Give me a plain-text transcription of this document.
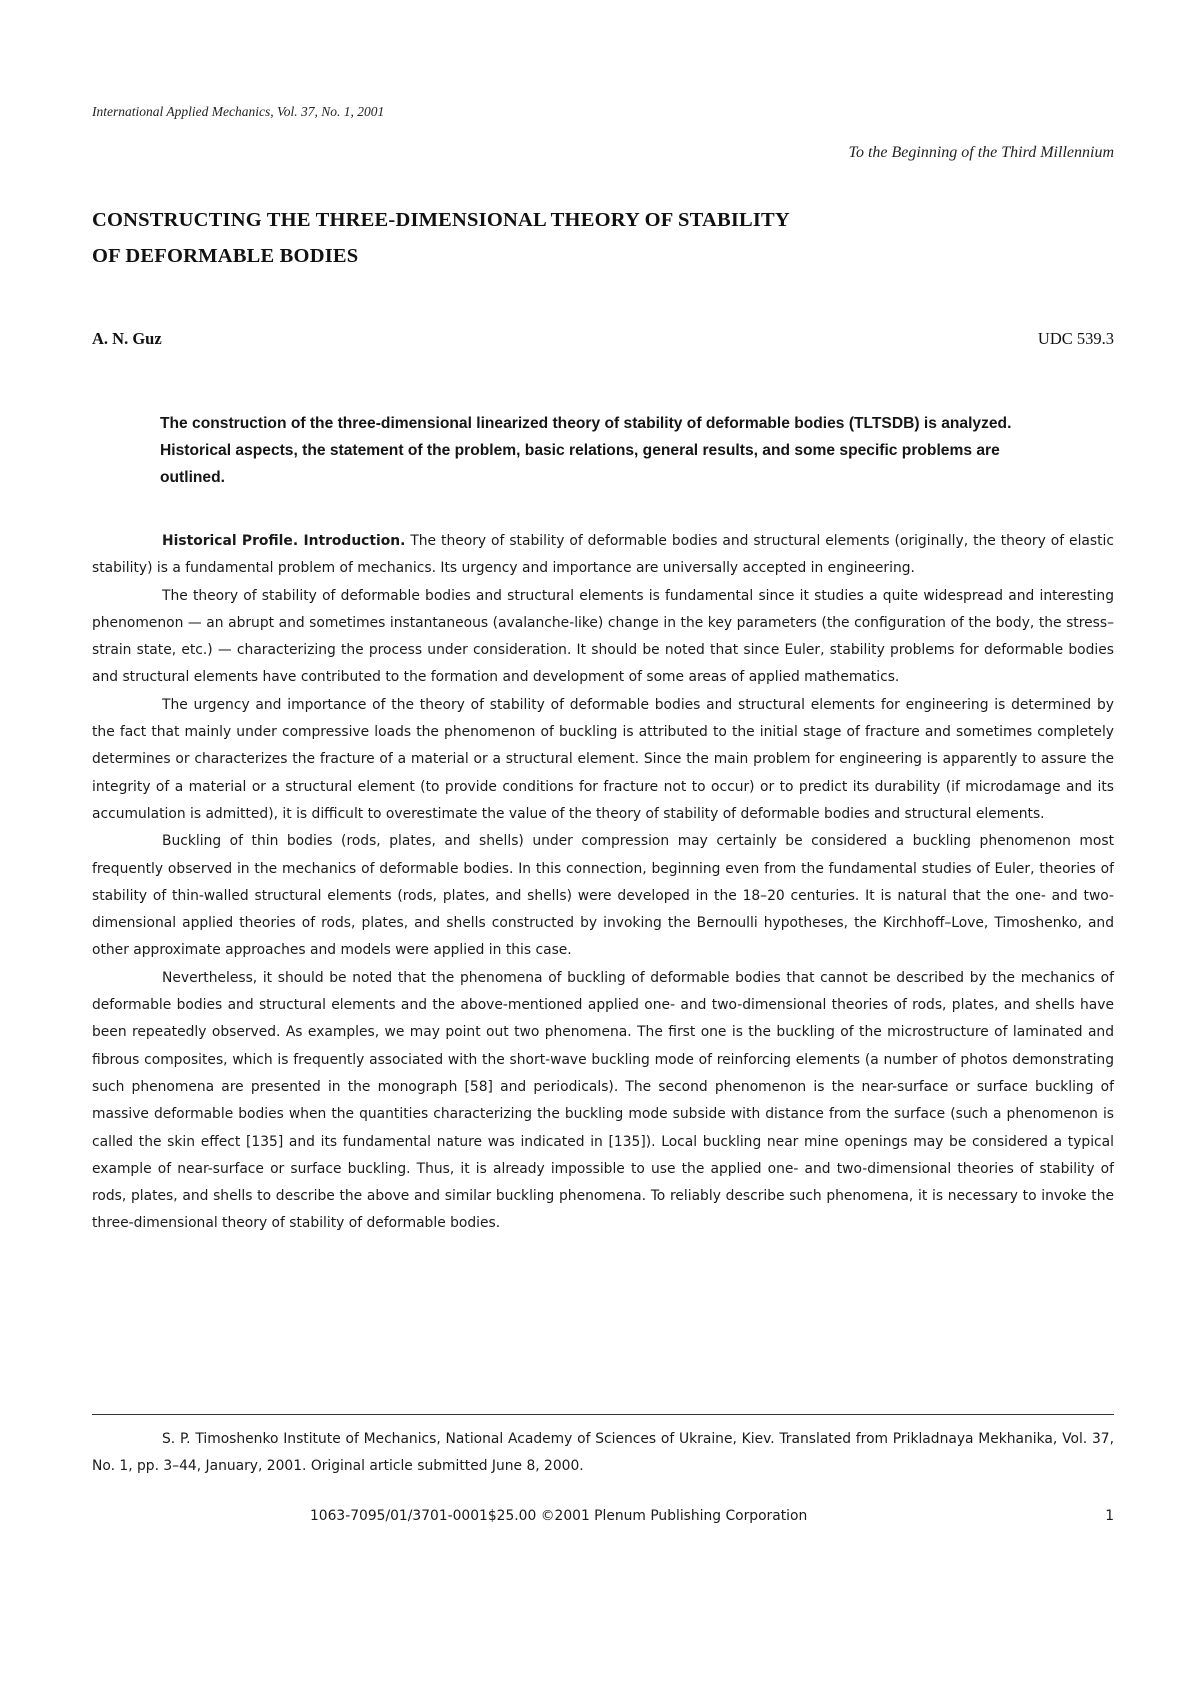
International Applied Mechanics, Vol. 37, No. 1, 2001
To the Beginning of the Third Millennium
CONSTRUCTING THE THREE-DIMENSIONAL THEORY OF STABILITY
OF DEFORMABLE BODIES
A. N. Guz	UDC 539.3
The construction of the three-dimensional linearized theory of stability of deformable bodies (TLTSDB) is analyzed. Historical aspects, the statement of the problem, basic relations, general results, and some specific problems are outlined.

Historical Profile. Introduction. The theory of stability of deformable bodies and structural elements (originally, the theory of elastic stability) is a fundamental problem of mechanics. Its urgency and importance are universally accepted in engineering.

The theory of stability of deformable bodies and structural elements is fundamental since it studies a quite widespread and interesting phenomenon — an abrupt and sometimes instantaneous (avalanche-like) change in the key parameters (the configuration of the body, the stress–strain state, etc.) — characterizing the process under consideration. It should be noted that since Euler, stability problems for deformable bodies and structural elements have contributed to the formation and development of some areas of applied mathematics.

The urgency and importance of the theory of stability of deformable bodies and structural elements for engineering is determined by the fact that mainly under compressive loads the phenomenon of buckling is attributed to the initial stage of fracture and sometimes completely determines or characterizes the fracture of a material or a structural element. Since the main problem for engineering is apparently to assure the integrity of a material or a structural element (to provide conditions for fracture not to occur) or to predict its durability (if microdamage and its accumulation is admitted), it is difficult to overestimate the value of the theory of stability of deformable bodies and structural elements.

Buckling of thin bodies (rods, plates, and shells) under compression may certainly be considered a buckling phenomenon most frequently observed in the mechanics of deformable bodies. In this connection, beginning even from the fundamental studies of Euler, theories of stability of thin-walled structural elements (rods, plates, and shells) were developed in the 18–20 centuries. It is natural that the one- and two-dimensional applied theories of rods, plates, and shells constructed by invoking the Bernoulli hypotheses, the Kirchhoff–Love, Timoshenko, and other approximate approaches and models were applied in this case.

Nevertheless, it should be noted that the phenomena of buckling of deformable bodies that cannot be described by the mechanics of deformable bodies and structural elements and the above-mentioned applied one- and two-dimensional theories of rods, plates, and shells have been repeatedly observed. As examples, we may point out two phenomena. The first one is the buckling of the microstructure of laminated and fibrous composites, which is frequently associated with the short-wave buckling mode of reinforcing elements (a number of photos demonstrating such phenomena are presented in the monograph [58] and periodicals). The second phenomenon is the near-surface or surface buckling of massive deformable bodies when the quantities characterizing the buckling mode subside with distance from the surface (such a phenomenon is called the skin effect [135] and its fundamental nature was indicated in [135]). Local buckling near mine openings may be considered a typical example of near-surface or surface buckling. Thus, it is already impossible to use the applied one- and two-dimensional theories of stability of rods, plates, and shells to describe the above and similar buckling phenomena. To reliably describe such phenomena, it is necessary to invoke the three-dimensional theory of stability of deformable bodies.

S. P. Timoshenko Institute of Mechanics, National Academy of Sciences of Ukraine, Kiev. Translated from Prikladnaya Mekhanika, Vol. 37, No. 1, pp. 3–44, January, 2001. Original article submitted June 8, 2000.

1063-7095/01/3701-0001$25.00 ©2001 Plenum Publishing Corporation	1
